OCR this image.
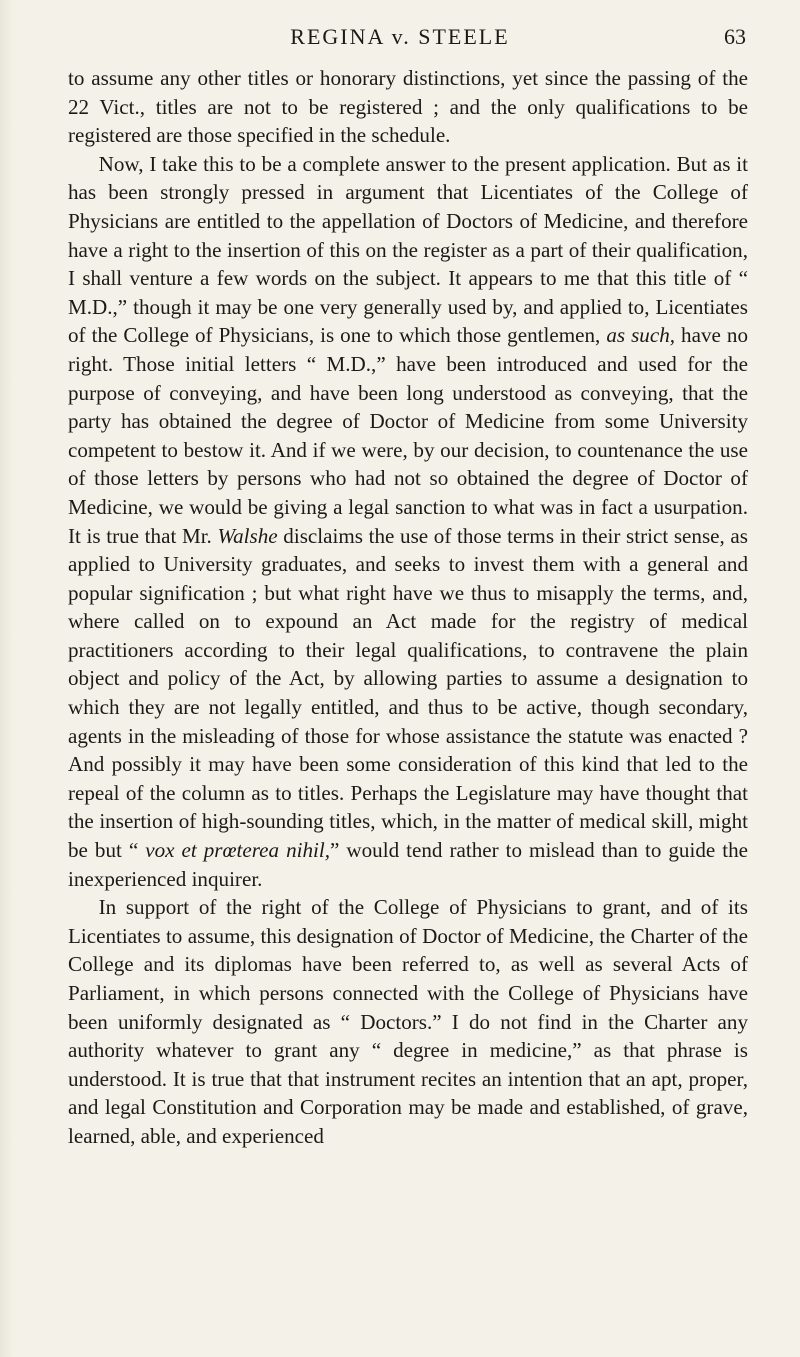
REGINA v. STEELE	63

to assume any other titles or honorary distinctions, yet since the passing of the 22 Vict., titles are not to be registered ; and the only qualifications to be registered are those specified in the schedule.

Now, I take this to be a complete answer to the present application. But as it has been strongly pressed in argument that Licentiates of the College of Physicians are entitled to the appellation of Doctors of Medicine, and therefore have a right to the insertion of this on the register as a part of their qualification, I shall venture a few words on the subject. It appears to me that this title of “ M.D.,” though it may be one very generally used by, and applied to, Licentiates of the College of Physicians, is one to which those gentlemen, as such, have no right. Those initial letters “ M.D.,” have been introduced and used for the purpose of conveying, and have been long understood as conveying, that the party has obtained the degree of Doctor of Medicine from some University competent to bestow it. And if we were, by our decision, to countenance the use of those letters by persons who had not so obtained the degree of Doctor of Medicine, we would be giving a legal sanction to what was in fact a usurpation. It is true that Mr. Walshe disclaims the use of those terms in their strict sense, as applied to University graduates, and seeks to invest them with a general and popular signification ; but what right have we thus to misapply the terms, and, where called on to expound an Act made for the registry of medical practitioners according to their legal qualifications, to contravene the plain object and policy of the Act, by allowing parties to assume a designation to which they are not legally entitled, and thus to be active, though secondary, agents in the misleading of those for whose assistance the statute was enacted ? And possibly it may have been some consideration of this kind that led to the repeal of the column as to titles. Perhaps the Legislature may have thought that the insertion of high-sounding titles, which, in the matter of medical skill, might be but “ vox et prœterea nihil,” would tend rather to mislead than to guide the inexperienced inquirer.

In support of the right of the College of Physicians to grant, and of its Licentiates to assume, this designation of Doctor of Medicine, the Charter of the College and its diplomas have been referred to, as well as several Acts of Parliament, in which persons connected with the College of Physicians have been uniformly designated as “ Doctors.” I do not find in the Charter any authority whatever to grant any “ degree in medicine,” as that phrase is understood. It is true that that instrument recites an intention that an apt, proper, and legal Constitution and Corporation may be made and established, of grave, learned, able, and experienced
